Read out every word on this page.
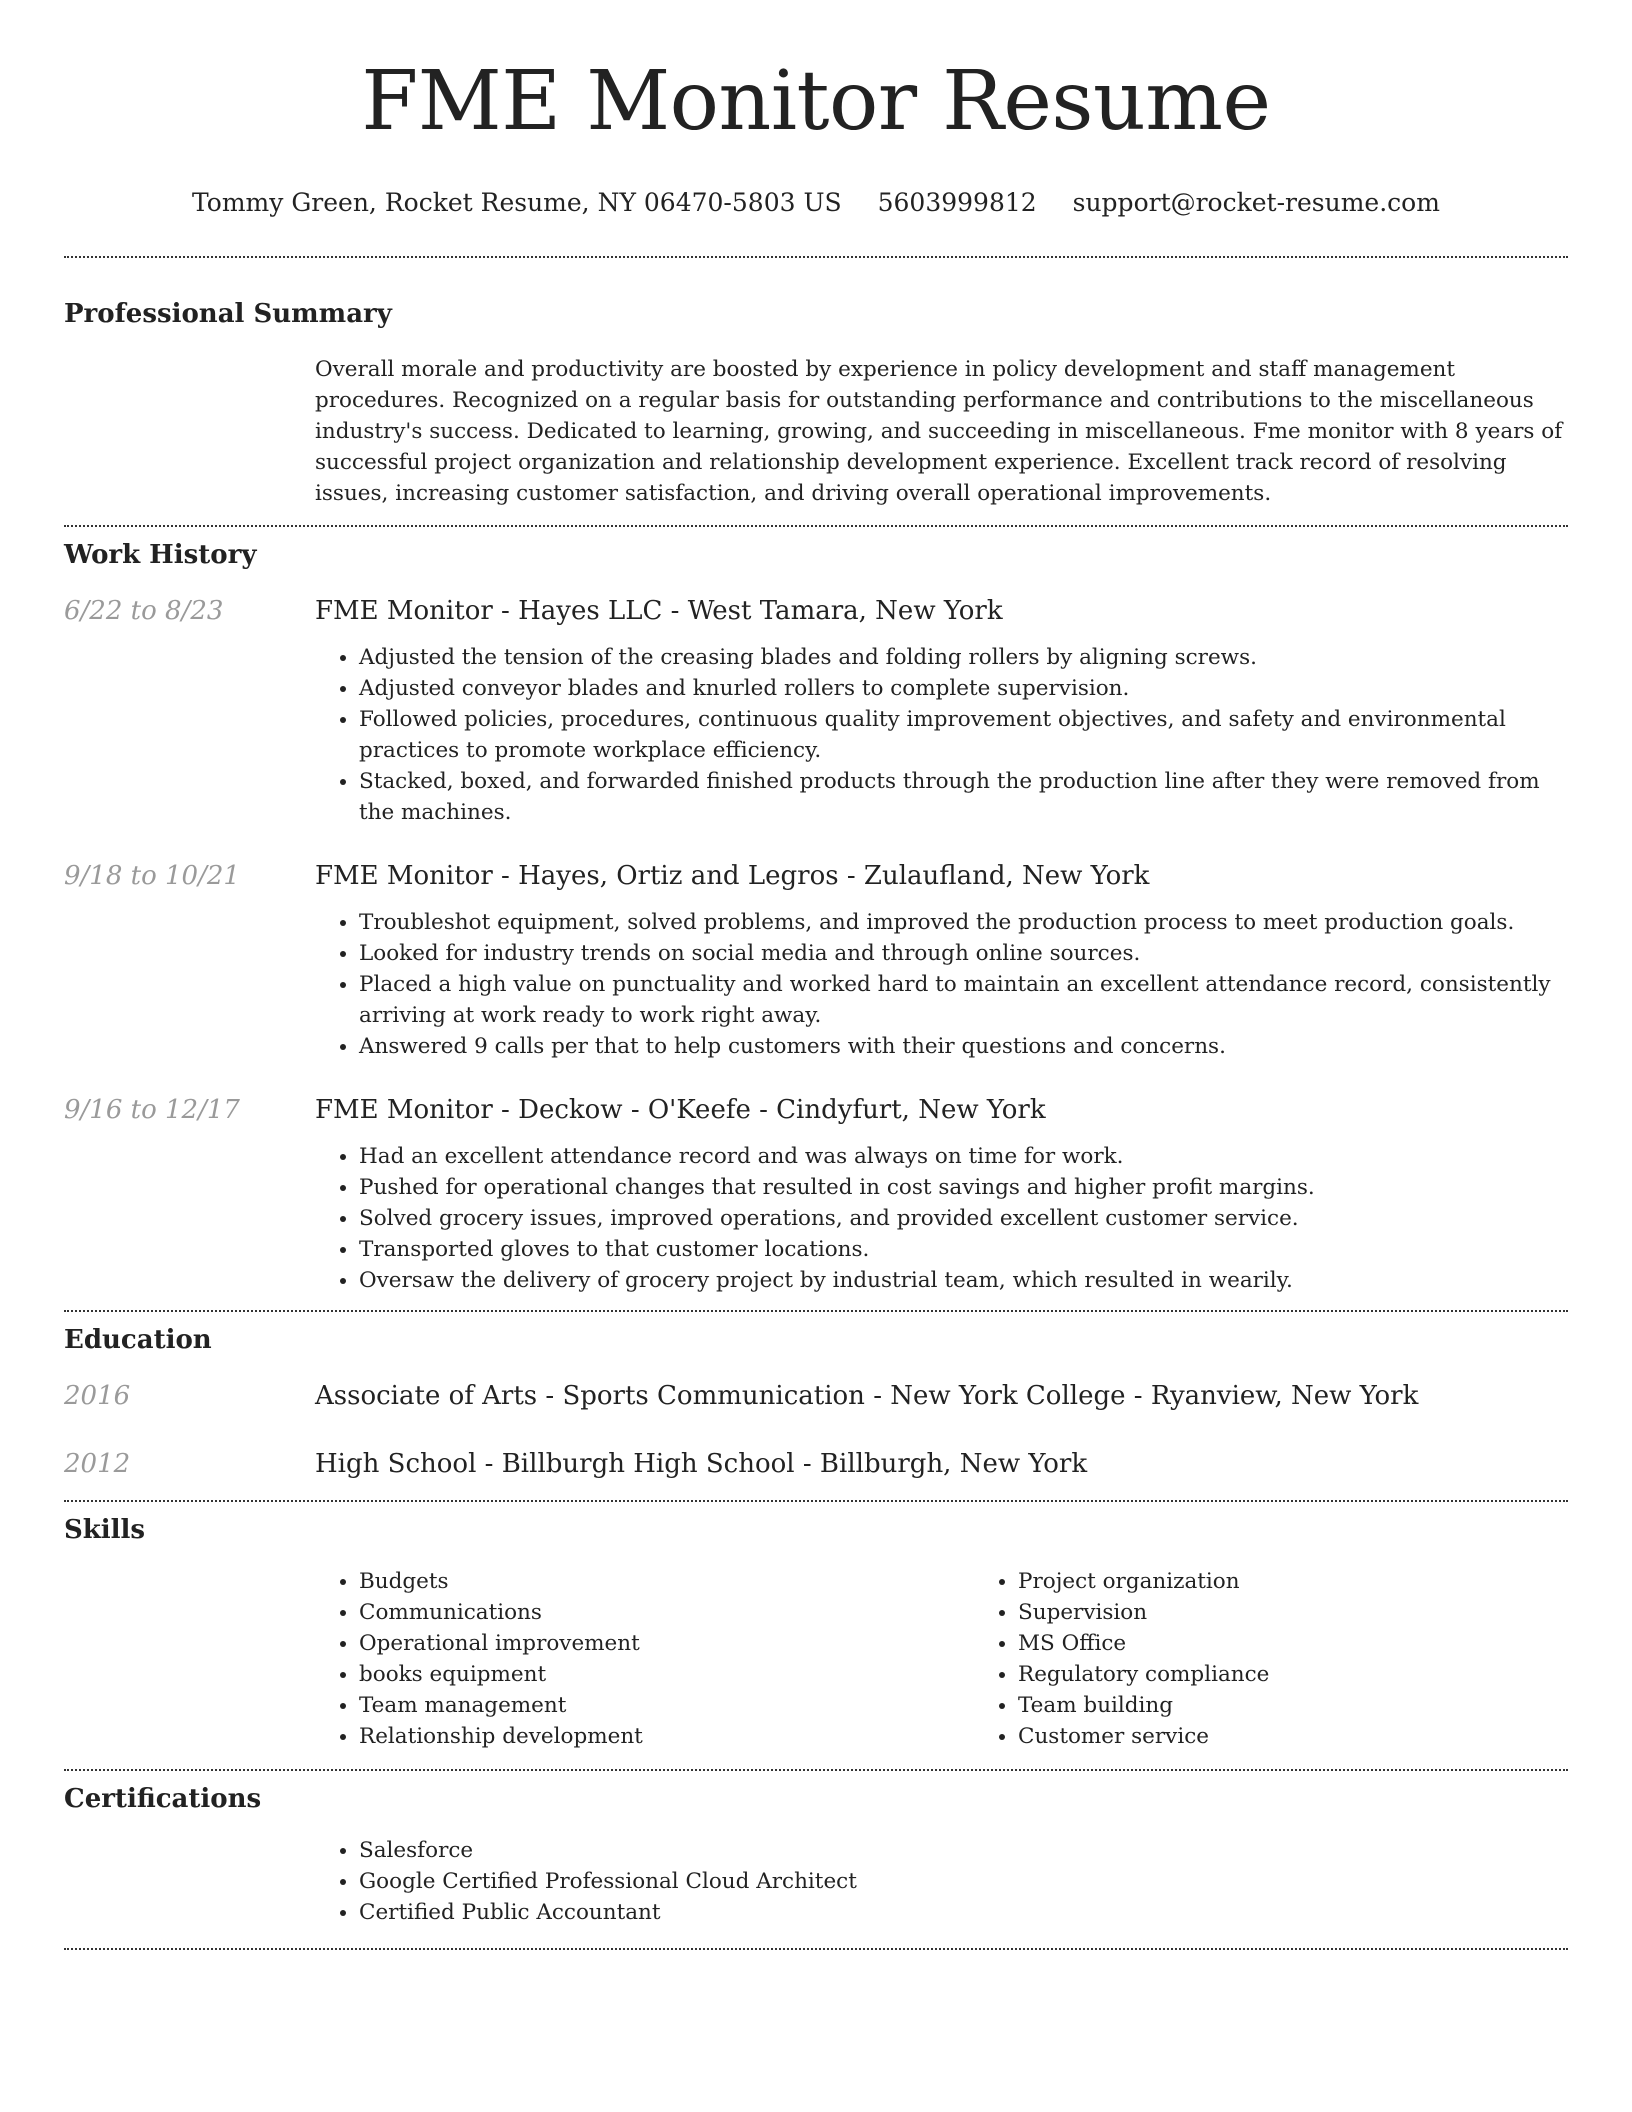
FME Monitor Resume
Tommy Green, Rocket Resume, NY 06470-5803 US 5603999812 support@rocket-resume.com
Professional Summary

Overall morale and productivity are boosted by experience in policy development and staff management procedures. Recognized on a regular basis for outstanding performance and contributions to the miscellaneous industry's success. Dedicated to learning, growing, and succeeding in miscellaneous. Fme monitor with 8 years of successful project organization and relationship development experience. Excellent track record of resolving issues, increasing customer satisfaction, and driving overall operational improvements.

Work History
6/22 to 8/23	FME Monitor - Hayes LLC - West Tamara, New York
• Adjusted the tension of the creasing blades and folding rollers by aligning screws.
• Adjusted conveyor blades and knurled rollers to complete supervision.
• Followed policies, procedures, continuous quality improvement objectives, and safety and environmental practices to promote workplace efficiency.
• Stacked, boxed, and forwarded finished products through the production line after they were removed from the machines.
9/18 to 10/21	FME Monitor - Hayes, Ortiz and Legros - Zulaufland, New York
• Troubleshot equipment, solved problems, and improved the production process to meet production goals.
• Looked for industry trends on social media and through online sources.
• Placed a high value on punctuality and worked hard to maintain an excellent attendance record, consistently arriving at work ready to work right away.
• Answered 9 calls per that to help customers with their questions and concerns.
9/16 to 12/17	FME Monitor - Deckow - O'Keefe - Cindyfurt, New York
• Had an excellent attendance record and was always on time for work.
• Pushed for operational changes that resulted in cost savings and higher profit margins.
• Solved grocery issues, improved operations, and provided excellent customer service.
• Transported gloves to that customer locations.
• Oversaw the delivery of grocery project by industrial team, which resulted in wearily.
Education
2016	Associate of Arts - Sports Communication - New York College - Ryanview, New York
2012	High School - Billburgh High School - Billburgh, New York
Skills
• Budgets
• Communications
• Operational improvement
• books equipment
• Team management
• Relationship development
• Project organization
• Supervision
• MS Office
• Regulatory compliance
• Team building
• Customer service
Certifications
• Salesforce
• Google Certified Professional Cloud Architect
• Certified Public Accountant
